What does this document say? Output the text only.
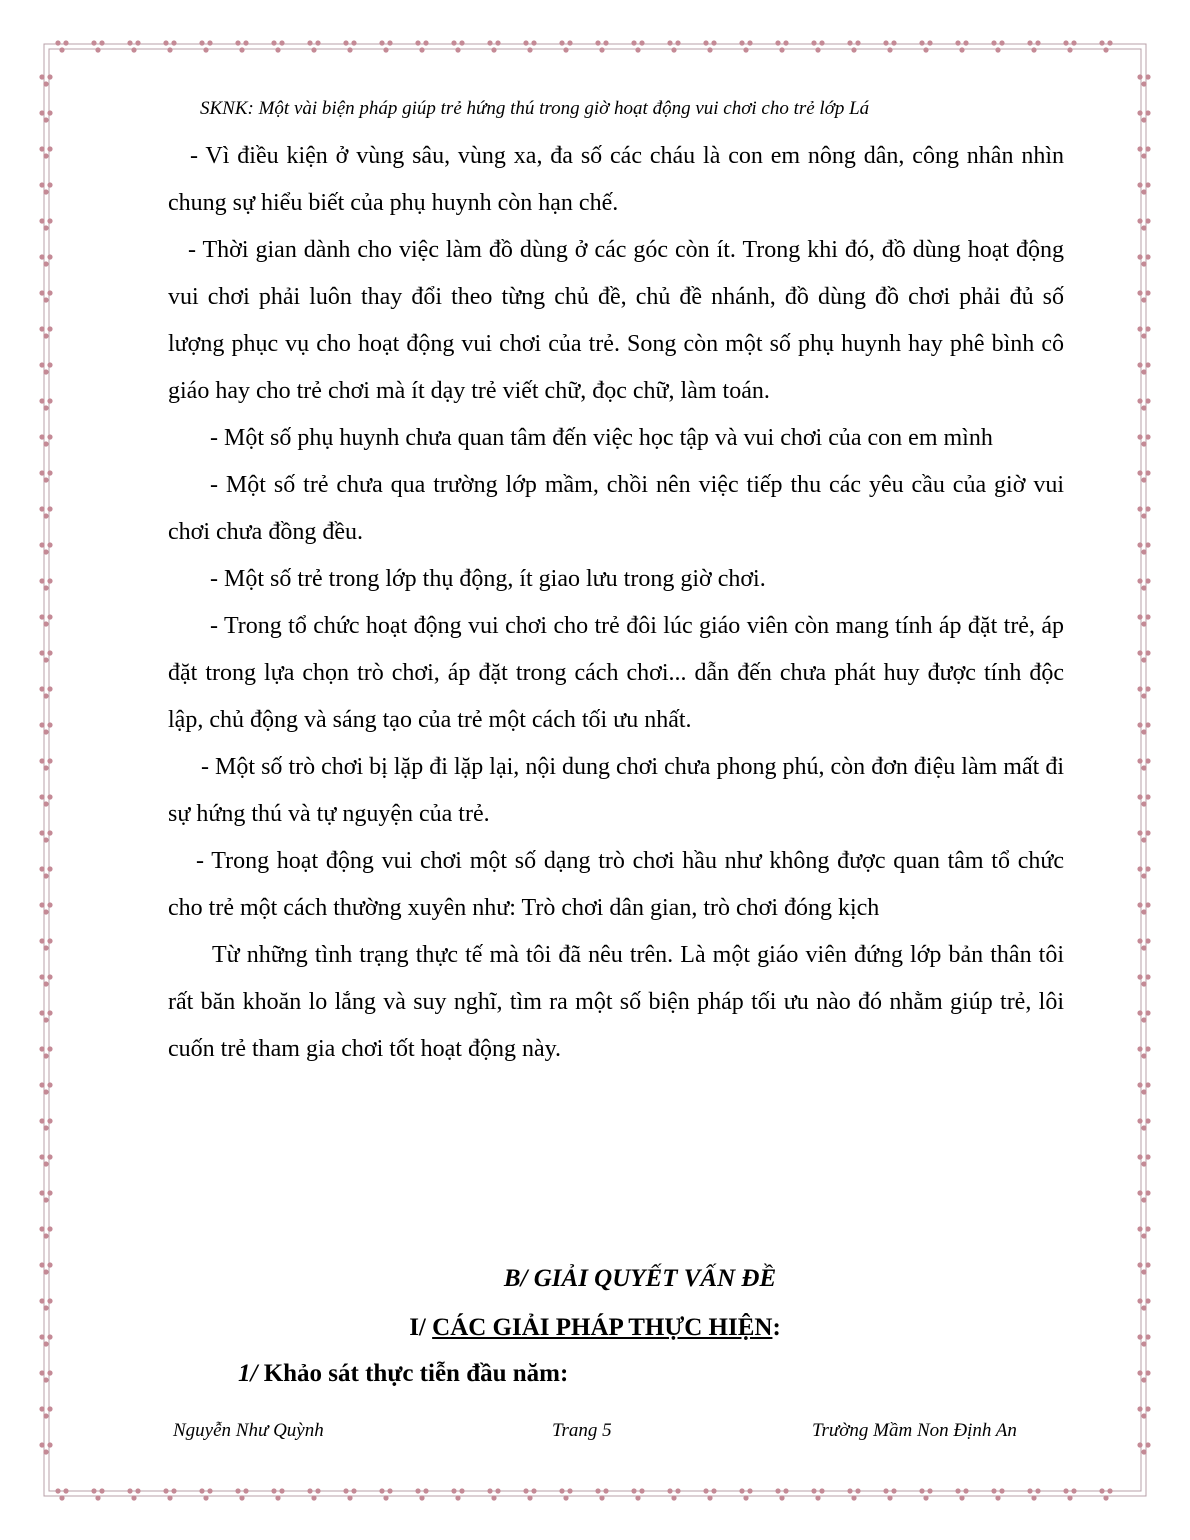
SKNK: Một vài biện pháp giúp trẻ hứng thú trong giờ hoạt động vui chơi cho trẻ lớp Lá

- Vì điều kiện ở vùng sâu, vùng xa, đa số các cháu là con em nông dân, công nhân nhìn chung sự hiểu biết của phụ huynh còn hạn chế.

- Thời gian dành cho việc làm đồ dùng ở các góc còn ít. Trong khi đó, đồ dùng hoạt động vui chơi phải luôn thay đổi theo từng chủ đề, chủ đề nhánh, đồ dùng đồ chơi phải đủ số lượng phục vụ cho hoạt động vui chơi của trẻ. Song còn một số phụ huynh hay phê bình cô giáo hay cho trẻ chơi mà ít dạy trẻ viết chữ, đọc chữ, làm toán.

- Một số phụ huynh chưa quan tâm đến việc học tập và vui chơi của con em mình

- Một số trẻ chưa qua trường lớp mầm, chồi nên việc tiếp thu các yêu cầu của giờ vui chơi chưa đồng đều.

- Một số trẻ trong lớp thụ động, ít giao lưu trong giờ chơi.

- Trong tổ chức hoạt động vui chơi cho trẻ đôi lúc giáo viên còn mang tính áp đặt trẻ, áp đặt trong lựa chọn trò chơi, áp đặt trong cách chơi... dẫn đến chưa phát huy được tính độc lập, chủ động và sáng tạo của trẻ một cách tối ưu nhất.

- Một số trò chơi bị lặp đi lặp lại, nội dung chơi chưa phong phú, còn đơn điệu làm mất đi sự hứng thú và tự nguyện của trẻ.

- Trong hoạt động vui chơi một số dạng trò chơi hầu như không được quan tâm tổ chức cho trẻ một cách thường xuyên như: Trò chơi dân gian, trò chơi đóng kịch

Từ những tình trạng thực tế mà tôi đã nêu trên. Là một giáo viên đứng lớp bản thân tôi rất băn khoăn lo lắng và suy nghĩ, tìm ra một số biện pháp tối ưu nào đó nhằm giúp trẻ, lôi cuốn trẻ tham gia chơi tốt hoạt động này.

B/ GIẢI QUYẾT VẤN ĐỀ
I/ CÁC GIẢI PHÁP THỰC HIỆN:
1/ Khảo sát thực tiễn đầu năm:
Nguyễn Như Quỳnh	Trang 5	Trường Mầm Non Định An
